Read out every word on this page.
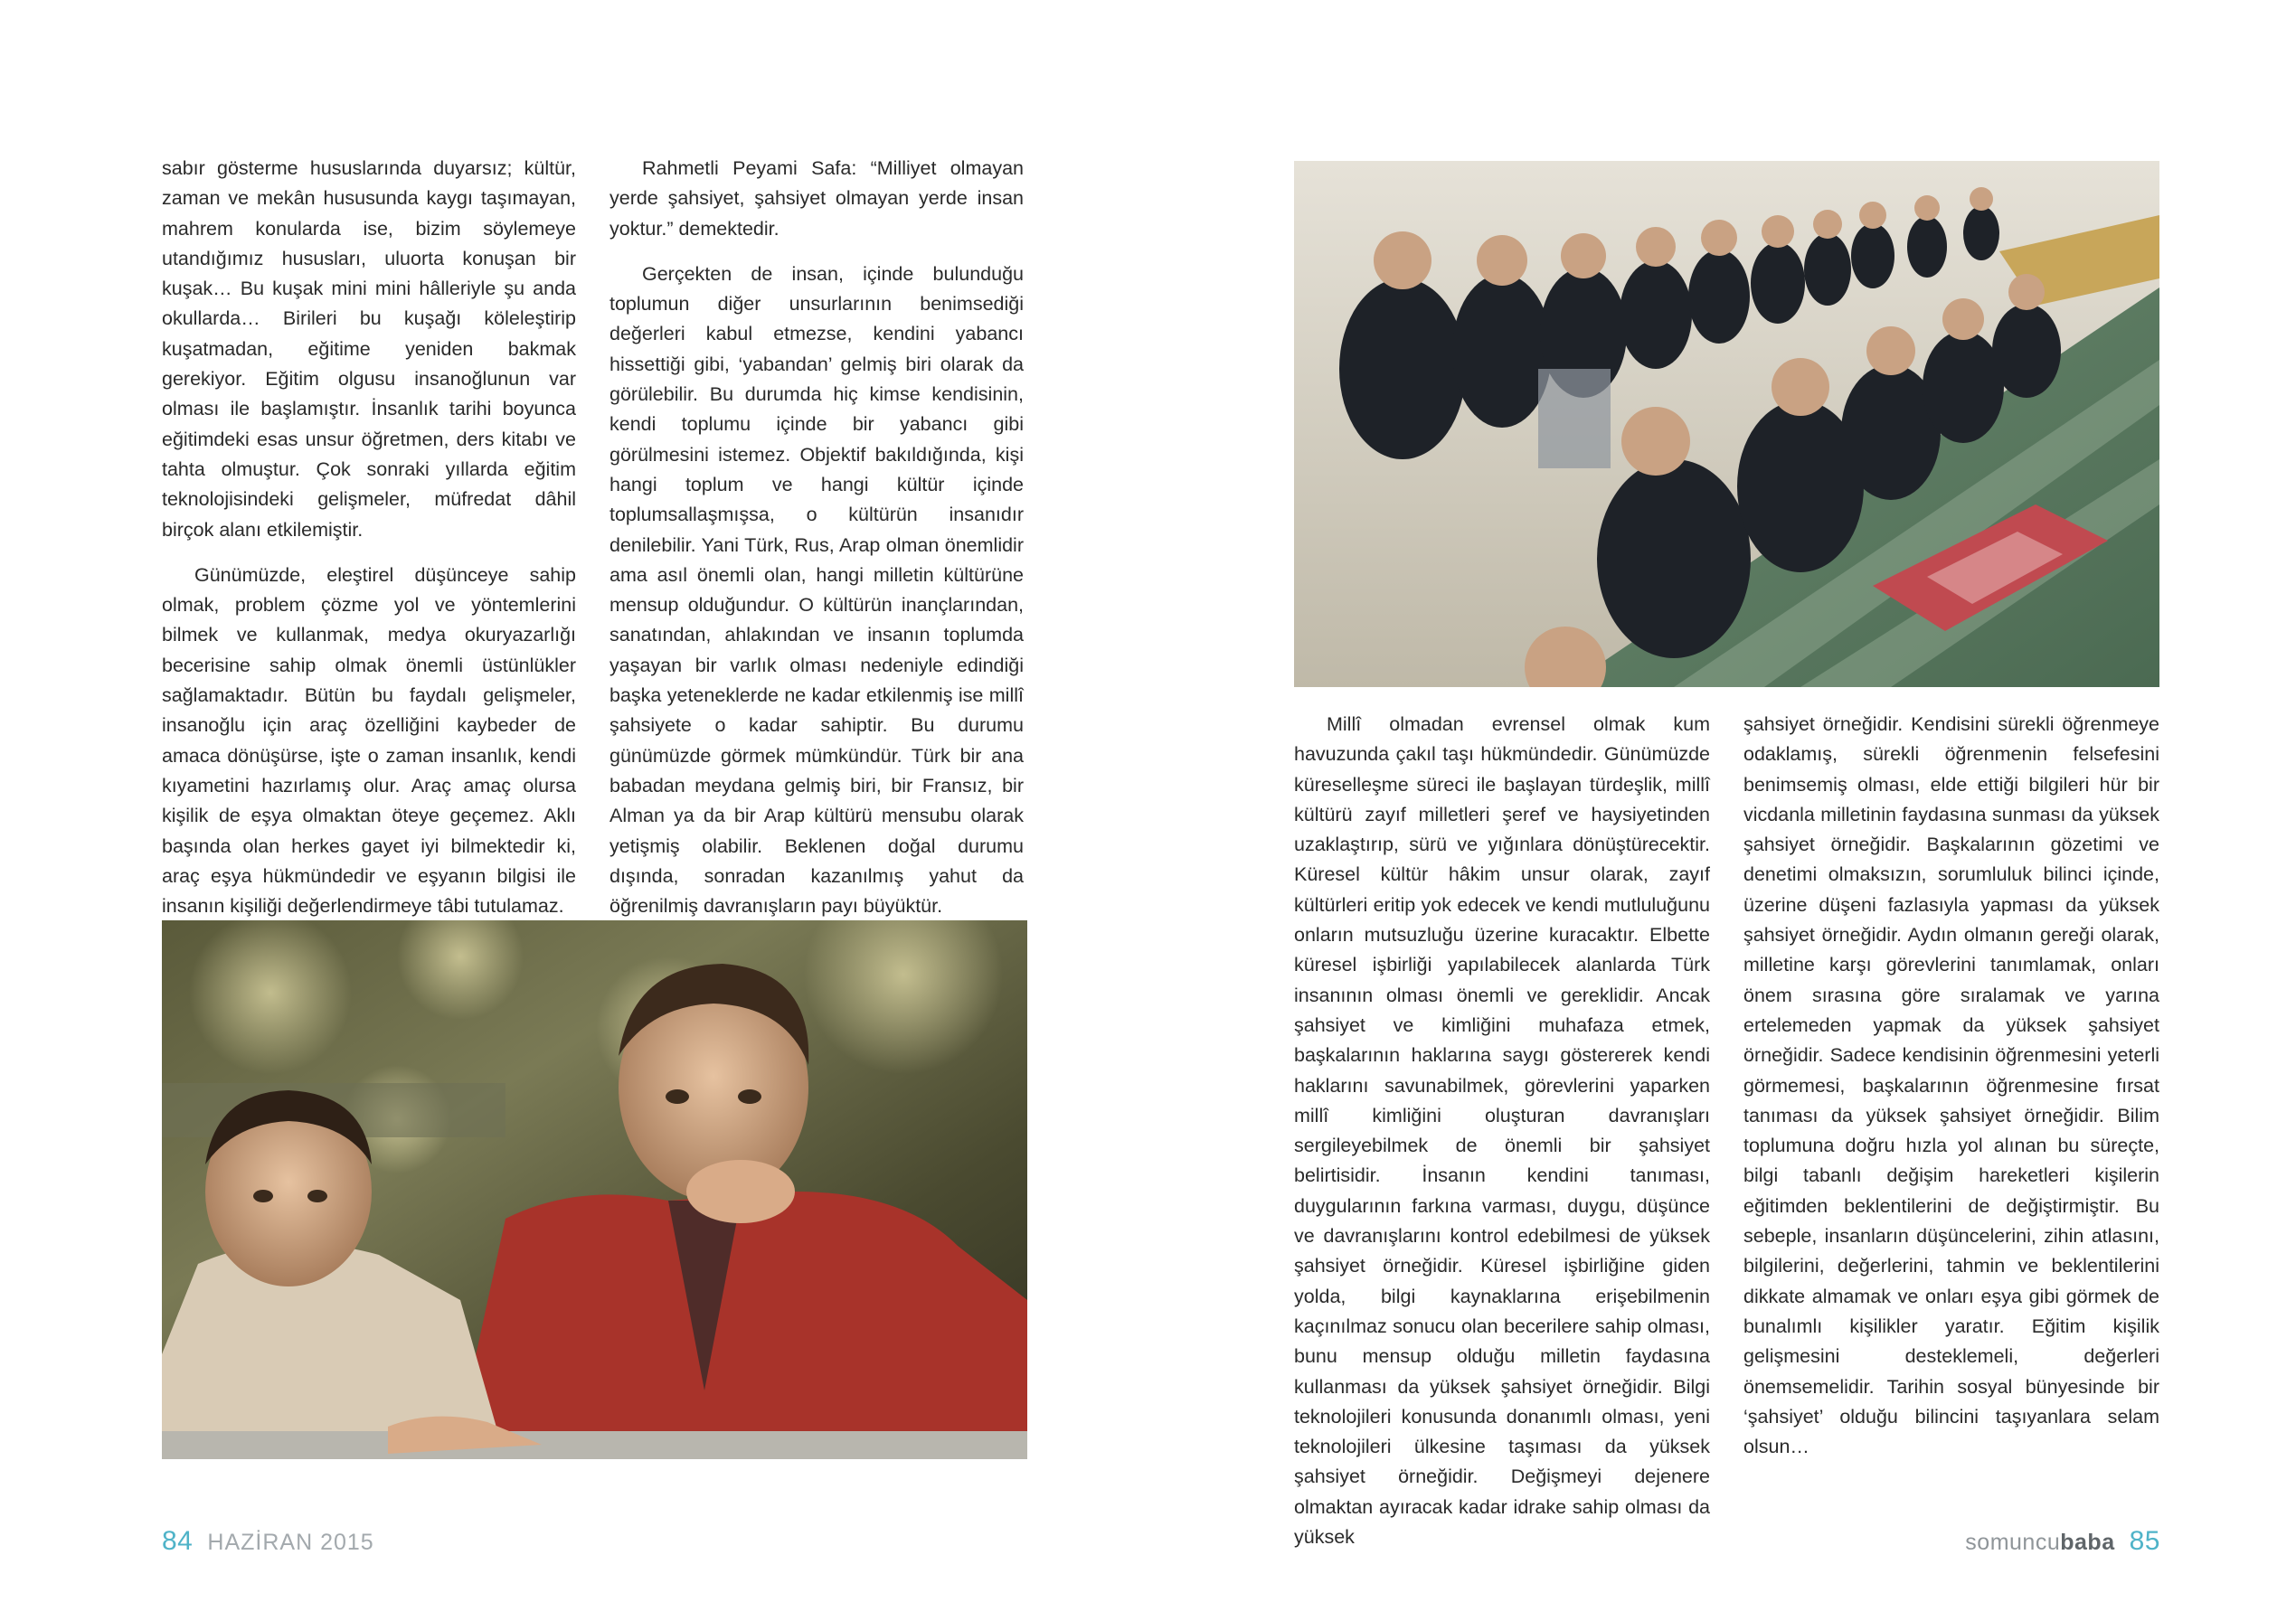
sabır gösterme hususlarında duyarsız; kültür, zaman ve mekân hususunda kaygı taşımayan, mahrem konularda ise, bizim söylemeye utandığımız hususları, uluorta konuşan bir kuşak… Bu kuşak mini mini hâlleriyle şu anda okullarda… Birileri bu kuşağı köleleştirip kuşatmadan, eğitime yeniden bakmak gerekiyor. Eğitim olgusu insanoğlunun var olması ile başlamıştır. İnsanlık tarihi boyunca eğitimdeki esas unsur öğretmen, ders kitabı ve tahta olmuştur. Çok sonraki yıllarda eğitim teknolojisindeki gelişmeler, müfredat dâhil birçok alanı etkilemiştir.

Günümüzde, eleştirel düşünceye sahip olmak, problem çözme yol ve yöntemlerini bilmek ve kullanmak, medya okuryazarlığı becerisine sahip olmak önemli üstünlükler sağlamaktadır. Bütün bu faydalı gelişmeler, insanoğlu için araç özelliğini kaybeder de amaca dönüşürse, işte o zaman insanlık, kendi kıyametini hazırlamış olur. Araç amaç olursa kişilik de eşya olmaktan öteye geçemez. Aklı başında olan herkes gayet iyi bilmektedir ki, araç eşya hükmündedir ve eşyanın bilgisi ile insanın kişiliği değerlendirmeye tâbi tutulamaz.

Rahmetli Peyami Safa: “Milliyet olmayan yerde şahsiyet, şahsiyet olmayan yerde insan yoktur.” demektedir.

Gerçekten de insan, içinde bulunduğu toplumun diğer unsurlarının benimsediği değerleri kabul etmezse, kendini yabancı hissettiği gibi, ‘yabandan’ gelmiş biri olarak da görülebilir. Bu durumda hiç kimse kendisinin, kendi toplumu içinde bir yabancı gibi görülmesini istemez. Objektif bakıldığında, kişi hangi toplum ve hangi kültür içinde toplumsallaşmışsa, o kültürün insanıdır denilebilir. Yani Türk, Rus, Arap olman önemlidir ama asıl önemli olan, hangi milletin kültürüne mensup olduğundur. O kültürün inançlarından, sanatından, ahlakından ve insanın toplumda yaşayan bir varlık olması nedeniyle edindiği başka yeteneklerde ne kadar etkilenmiş ise millî şahsiyete o kadar sahiptir. Bu durumu günümüzde görmek mümkündür. Türk bir ana babadan meydana gelmiş biri, bir Fransız, bir Alman ya da bir Arap kültürü mensubu olarak yetişmiş olabilir. Beklenen doğal durumu dışında, sonradan kazanılmış yahut da öğrenilmiş davranışların payı büyüktür.

84 HAZİRAN 2015	somuncubaba 85

Millî olmadan evrensel olmak kum havuzunda çakıl taşı hükmündedir. Günümüzde küreselleşme süreci ile başlayan türdeşlik, millî kültürü zayıf milletleri şeref ve haysiyetinden uzaklaştırıp, sürü ve yığınlara dönüştürecektir. Küresel kültür hâkim unsur olarak, zayıf kültürleri eritip yok edecek ve kendi mutluluğunu onların mutsuzluğu üzerine kuracaktır. Elbette küresel işbirliği yapılabilecek alanlarda Türk insanının olması önemli ve gereklidir. Ancak şahsiyet ve kimliğini muhafaza etmek, başkalarının haklarına saygı göstererek kendi haklarını savunabilmek, görevlerini yaparken millî kimliğini oluşturan davranışları sergileyebilmek de önemli bir şahsiyet belirtisidir. İnsanın kendini tanıması, duygularının farkına varması, duygu, düşünce ve davranışlarını kontrol edebilmesi de yüksek şahsiyet örneğidir. Küresel işbirliğine giden yolda, bilgi kaynaklarına erişebilmenin kaçınılmaz sonucu olan becerilere sahip olması, bunu mensup olduğu milletin faydasına kullanması da yüksek şahsiyet örneğidir. Bilgi teknolojileri konusunda donanımlı olması, yeni teknolojileri ülkesine taşıması da yüksek şahsiyet örneğidir. Değişmeyi dejenere olmaktan ayıracak kadar idrake sahip olması da yüksek

şahsiyet örneğidir. Kendisini sürekli öğrenmeye odaklamış, sürekli öğrenmenin felsefesini benimsemiş olması, elde ettiği bilgileri hür bir vicdanla milletinin faydasına sunması da yüksek şahsiyet örneğidir. Başkalarının gözetimi ve denetimi olmaksızın, sorumluluk bilinci içinde, üzerine düşeni fazlasıyla yapması da yüksek şahsiyet örneğidir. Aydın olmanın gereği olarak, milletine karşı görevlerini tanımlamak, onları önem sırasına göre sıralamak ve yarına ertelemeden yapmak da yüksek şahsiyet örneğidir. Sadece kendisinin öğrenmesini yeterli görmemesi, başkalarının öğrenmesine fırsat tanıması da yüksek şahsiyet örneğidir. Bilim toplumuna doğru hızla yol alınan bu süreçte, bilgi tabanlı değişim hareketleri kişilerin eğitimden beklentilerini de değiştirmiştir. Bu sebeple, insanların düşüncelerini, zihin atlasını, bilgilerini, değerlerini, tahmin ve beklentilerini dikkate almamak ve onları eşya gibi görmek de bunalımlı kişilikler yaratır. Eğitim kişilik gelişmesini desteklemeli, değerleri önemsemelidir. Tarihin sosyal bünyesinde bir ‘şahsiyet’ olduğu bilincini taşıyanlara selam olsun…
